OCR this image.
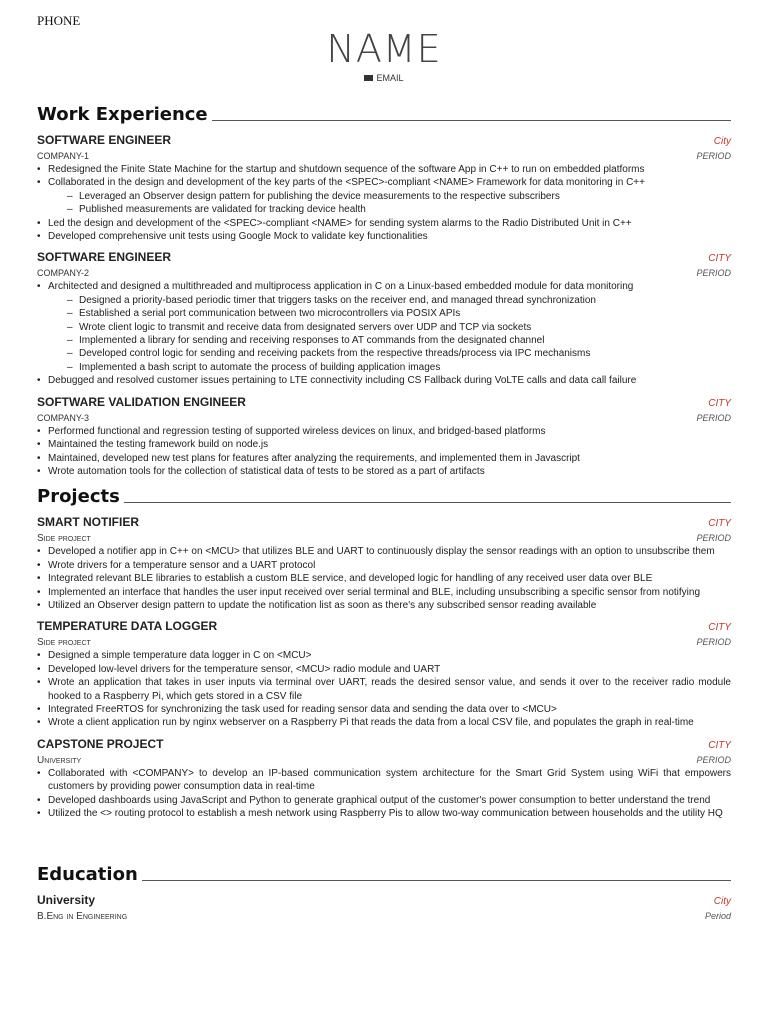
PHONE
NAME
EMAIL
Work Experience
SOFTWARE ENGINEER	City
COMPANY-1	PERIOD
• Redesigned the Finite State Machine for the startup and shutdown sequence of the software App in C++ to run on embedded platforms
• Collaborated in the design and development of the key parts of the <SPEC>-compliant <NAME> Framework for data monitoring in C++
– Leveraged an Observer design pattern for publishing the device measurements to the respective subscribers
– Published measurements are validated for tracking device health
• Led the design and development of the <SPEC>-compliant <NAME> for sending system alarms to the Radio Distributed Unit in C++
• Developed comprehensive unit tests using Google Mock to validate key functionalities
SOFTWARE ENGINEER	CITY
COMPANY-2	PERIOD
• Architected and designed a multithreaded and multiprocess application in C on a Linux-based embedded module for data monitoring
– Designed a priority-based periodic timer that triggers tasks on the receiver end, and managed thread synchronization
– Established a serial port communication between two microcontrollers via POSIX APIs
– Wrote client logic to transmit and receive data from designated servers over UDP and TCP via sockets
– Implemented a library for sending and receiving responses to AT commands from the designated channel
– Developed control logic for sending and receiving packets from the respective threads/process via IPC mechanisms
– Implemented a bash script to automate the process of building application images
• Debugged and resolved customer issues pertaining to LTE connectivity including CS Fallback during VoLTE calls and data call failure
SOFTWARE VALIDATION ENGINEER	CITY
COMPANY-3	PERIOD
• Performed functional and regression testing of supported wireless devices on linux, and bridged-based platforms
• Maintained the testing framework build on node.js
• Maintained, developed new test plans for features after analyzing the requirements, and implemented them in Javascript
• Wrote automation tools for the collection of statistical data of tests to be stored as a part of artifacts
Projects
SMART NOTIFIER	CITY
Side project	PERIOD
• Developed a notifier app in C++ on <MCU> that utilizes BLE and UART to continuously display the sensor readings with an option to unsubscribe them
• Wrote drivers for a temperature sensor and a UART protocol
• Integrated relevant BLE libraries to establish a custom BLE service, and developed logic for handling of any received user data over BLE
• Implemented an interface that handles the user input received over serial terminal and BLE, including unsubscribing a specific sensor from notifying
• Utilized an Observer design pattern to update the notification list as soon as there's any subscribed sensor reading available
TEMPERATURE DATA LOGGER	CITY
Side project	PERIOD
• Designed a simple temperature data logger in C on <MCU>
• Developed low-level drivers for the temperature sensor, <MCU> radio module and UART
• Wrote an application that takes in user inputs via terminal over UART, reads the desired sensor value, and sends it over to the receiver radio module hooked to a Raspberry Pi, which gets stored in a CSV file
• Integrated FreeRTOS for synchronizing the task used for reading sensor data and sending the data over to <MCU>
• Wrote a client application run by nginx webserver on a Raspberry Pi that reads the data from a local CSV file, and populates the graph in real-time
CAPSTONE PROJECT	CITY
University	PERIOD
• Collaborated with <COMPANY> to develop an IP-based communication system architecture for the Smart Grid System using WiFi that empowers customers by providing power consumption data in real-time
• Developed dashboards using JavaScript and Python to generate graphical output of the customer's power consumption to better understand the trend
• Utilized the <> routing protocol to establish a mesh network using Raspberry Pis to allow two-way communication between households and the utility HQ
Education
University	City
B.Eng in Engineering	Period
